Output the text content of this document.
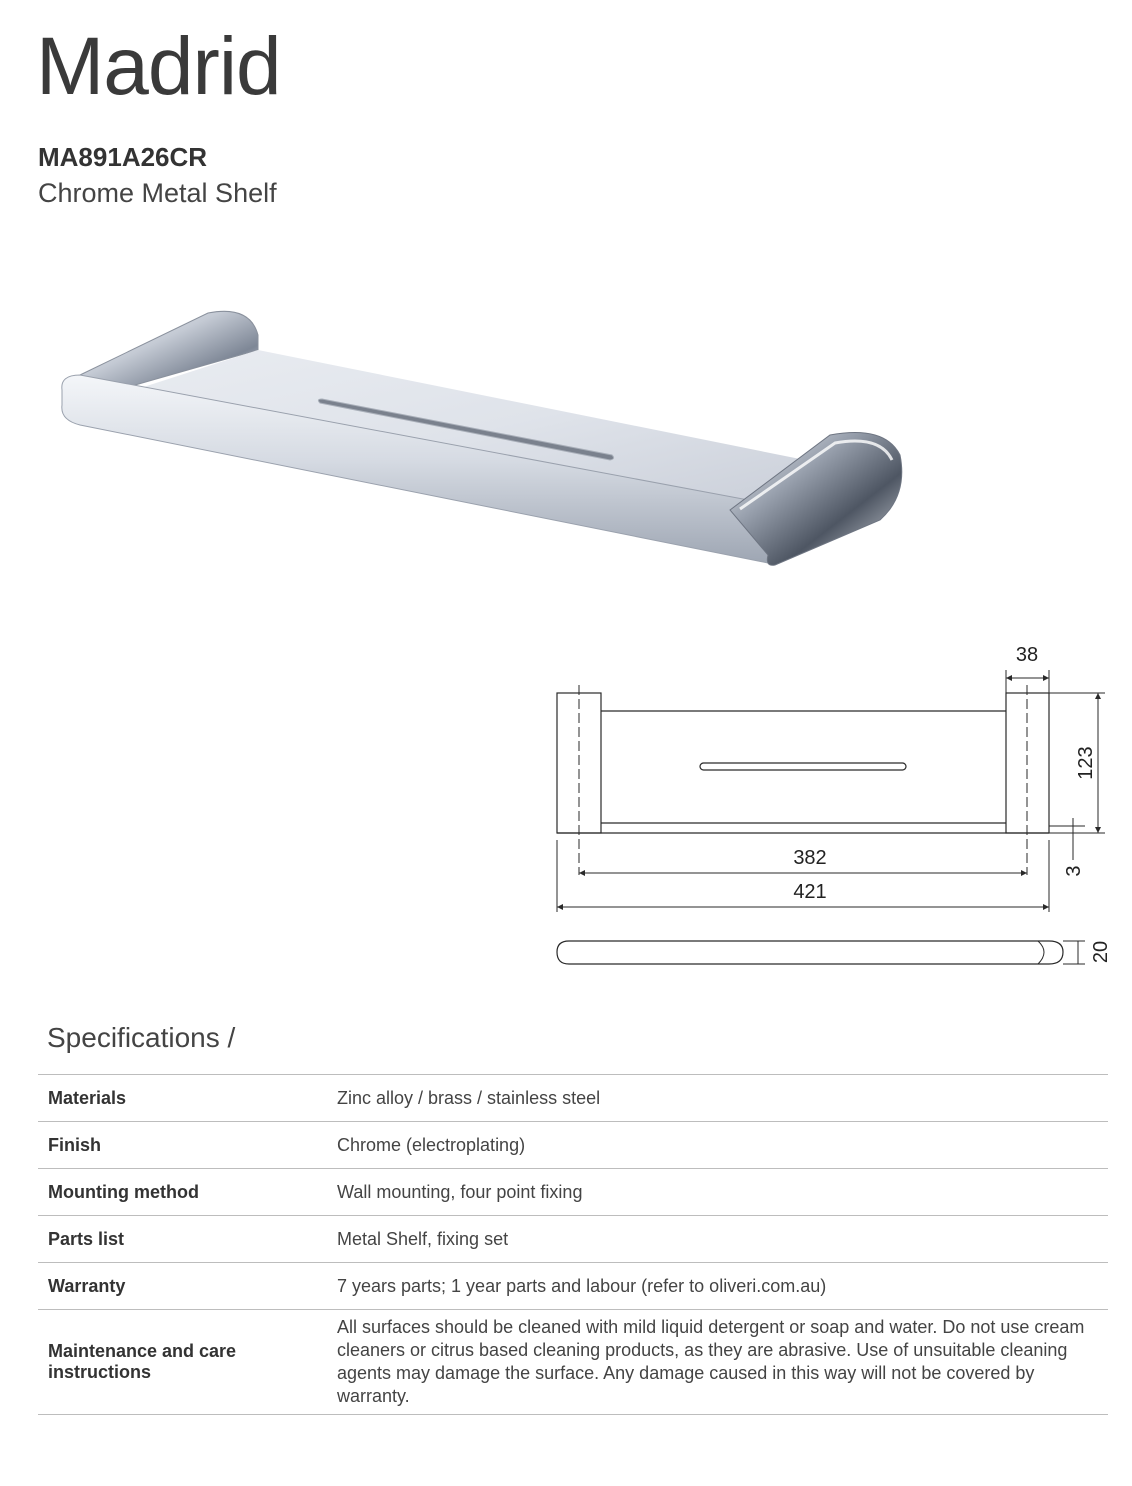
Madrid
MA891A26CR
Chrome Metal Shelf
38
123
382
421
3
20
Specifications /
Materials	Zinc alloy / brass / stainless steel
Finish	Chrome (electroplating)
Mounting method	Wall mounting, four point fixing
Parts list	Metal Shelf, fixing set
Warranty	7 years parts; 1 year parts and labour (refer to oliveri.com.au)
Maintenance and care instructions	All surfaces should be cleaned with mild liquid detergent or soap and water. Do not use cream cleaners or citrus based cleaning products, as they are abrasive. Use of unsuitable cleaning agents may damage the surface. Any damage caused in this way will not be covered by warranty.
